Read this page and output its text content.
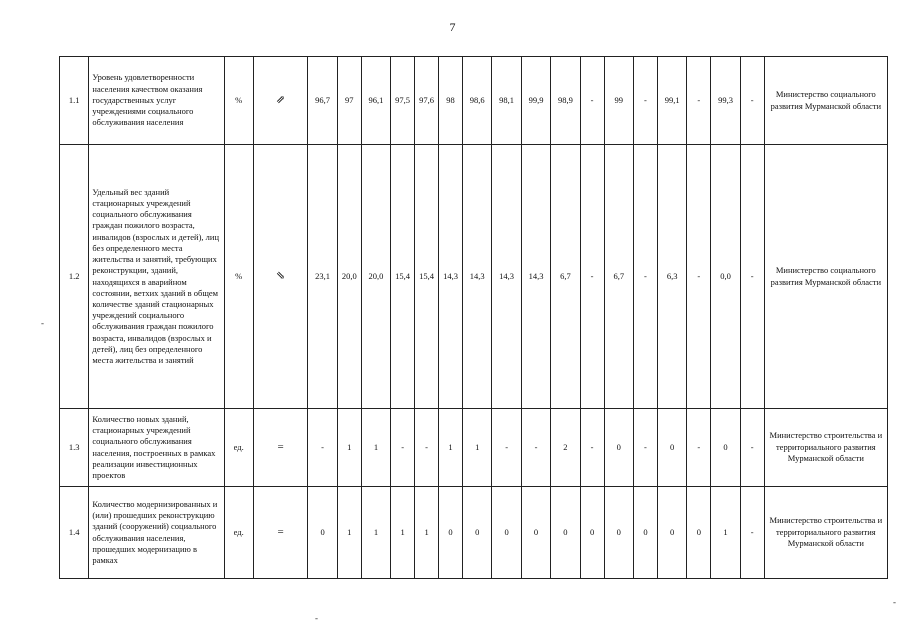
7
1.1	Уровень удовлетворенности населения качеством оказания государственных услуг учреждениями социального обслуживания населения	%	⇗	96,7	97	96,1	97,5	97,6	98	98,6	98,1	99,9	98,9	-	99	-	99,1	-	99,3	-	Министерство социального развития Мурманской области
1.2	Удельный вес зданий стационарных учреждений социального обслуживания граждан пожилого возраста, инвалидов (взрослых и детей), лиц без определенного места жительства и занятий, требующих реконструкции, зданий, находящихся в аварийном состоянии, ветхих зданий в общем количестве зданий стационарных учреждений социального обслуживания граждан пожилого возраста, инвалидов (взрослых и детей), лиц без определенного места жительства и занятий	%	⇘	23,1	20,0	20,0	15,4	15,4	14,3	14,3	14,3	14,3	6,7	-	6,7	-	6,3	-	0,0	-	Министерство социального развития Мурманской области
1.3	Количество новых зданий, стационарных учреждений социального обслуживания населения, построенных в рамках реализации инвестиционных проектов	ед.	=	-	1	1	-	-	1	1	-	-	2	-	0	-	0	-	0	-	Министерство строительства и территориального развития Мурманской области
1.4	Количество модернизированных и (или) прошедших реконструкцию зданий (сооружений) социального обслуживания населения, прошедших модернизацию в рамках	ед.	=	0	1	1	1	1	0	0	0	0	0	0	0	0	0	0	1	-	Министерство строительства и территориального развития Мурманской области
-
-
-
